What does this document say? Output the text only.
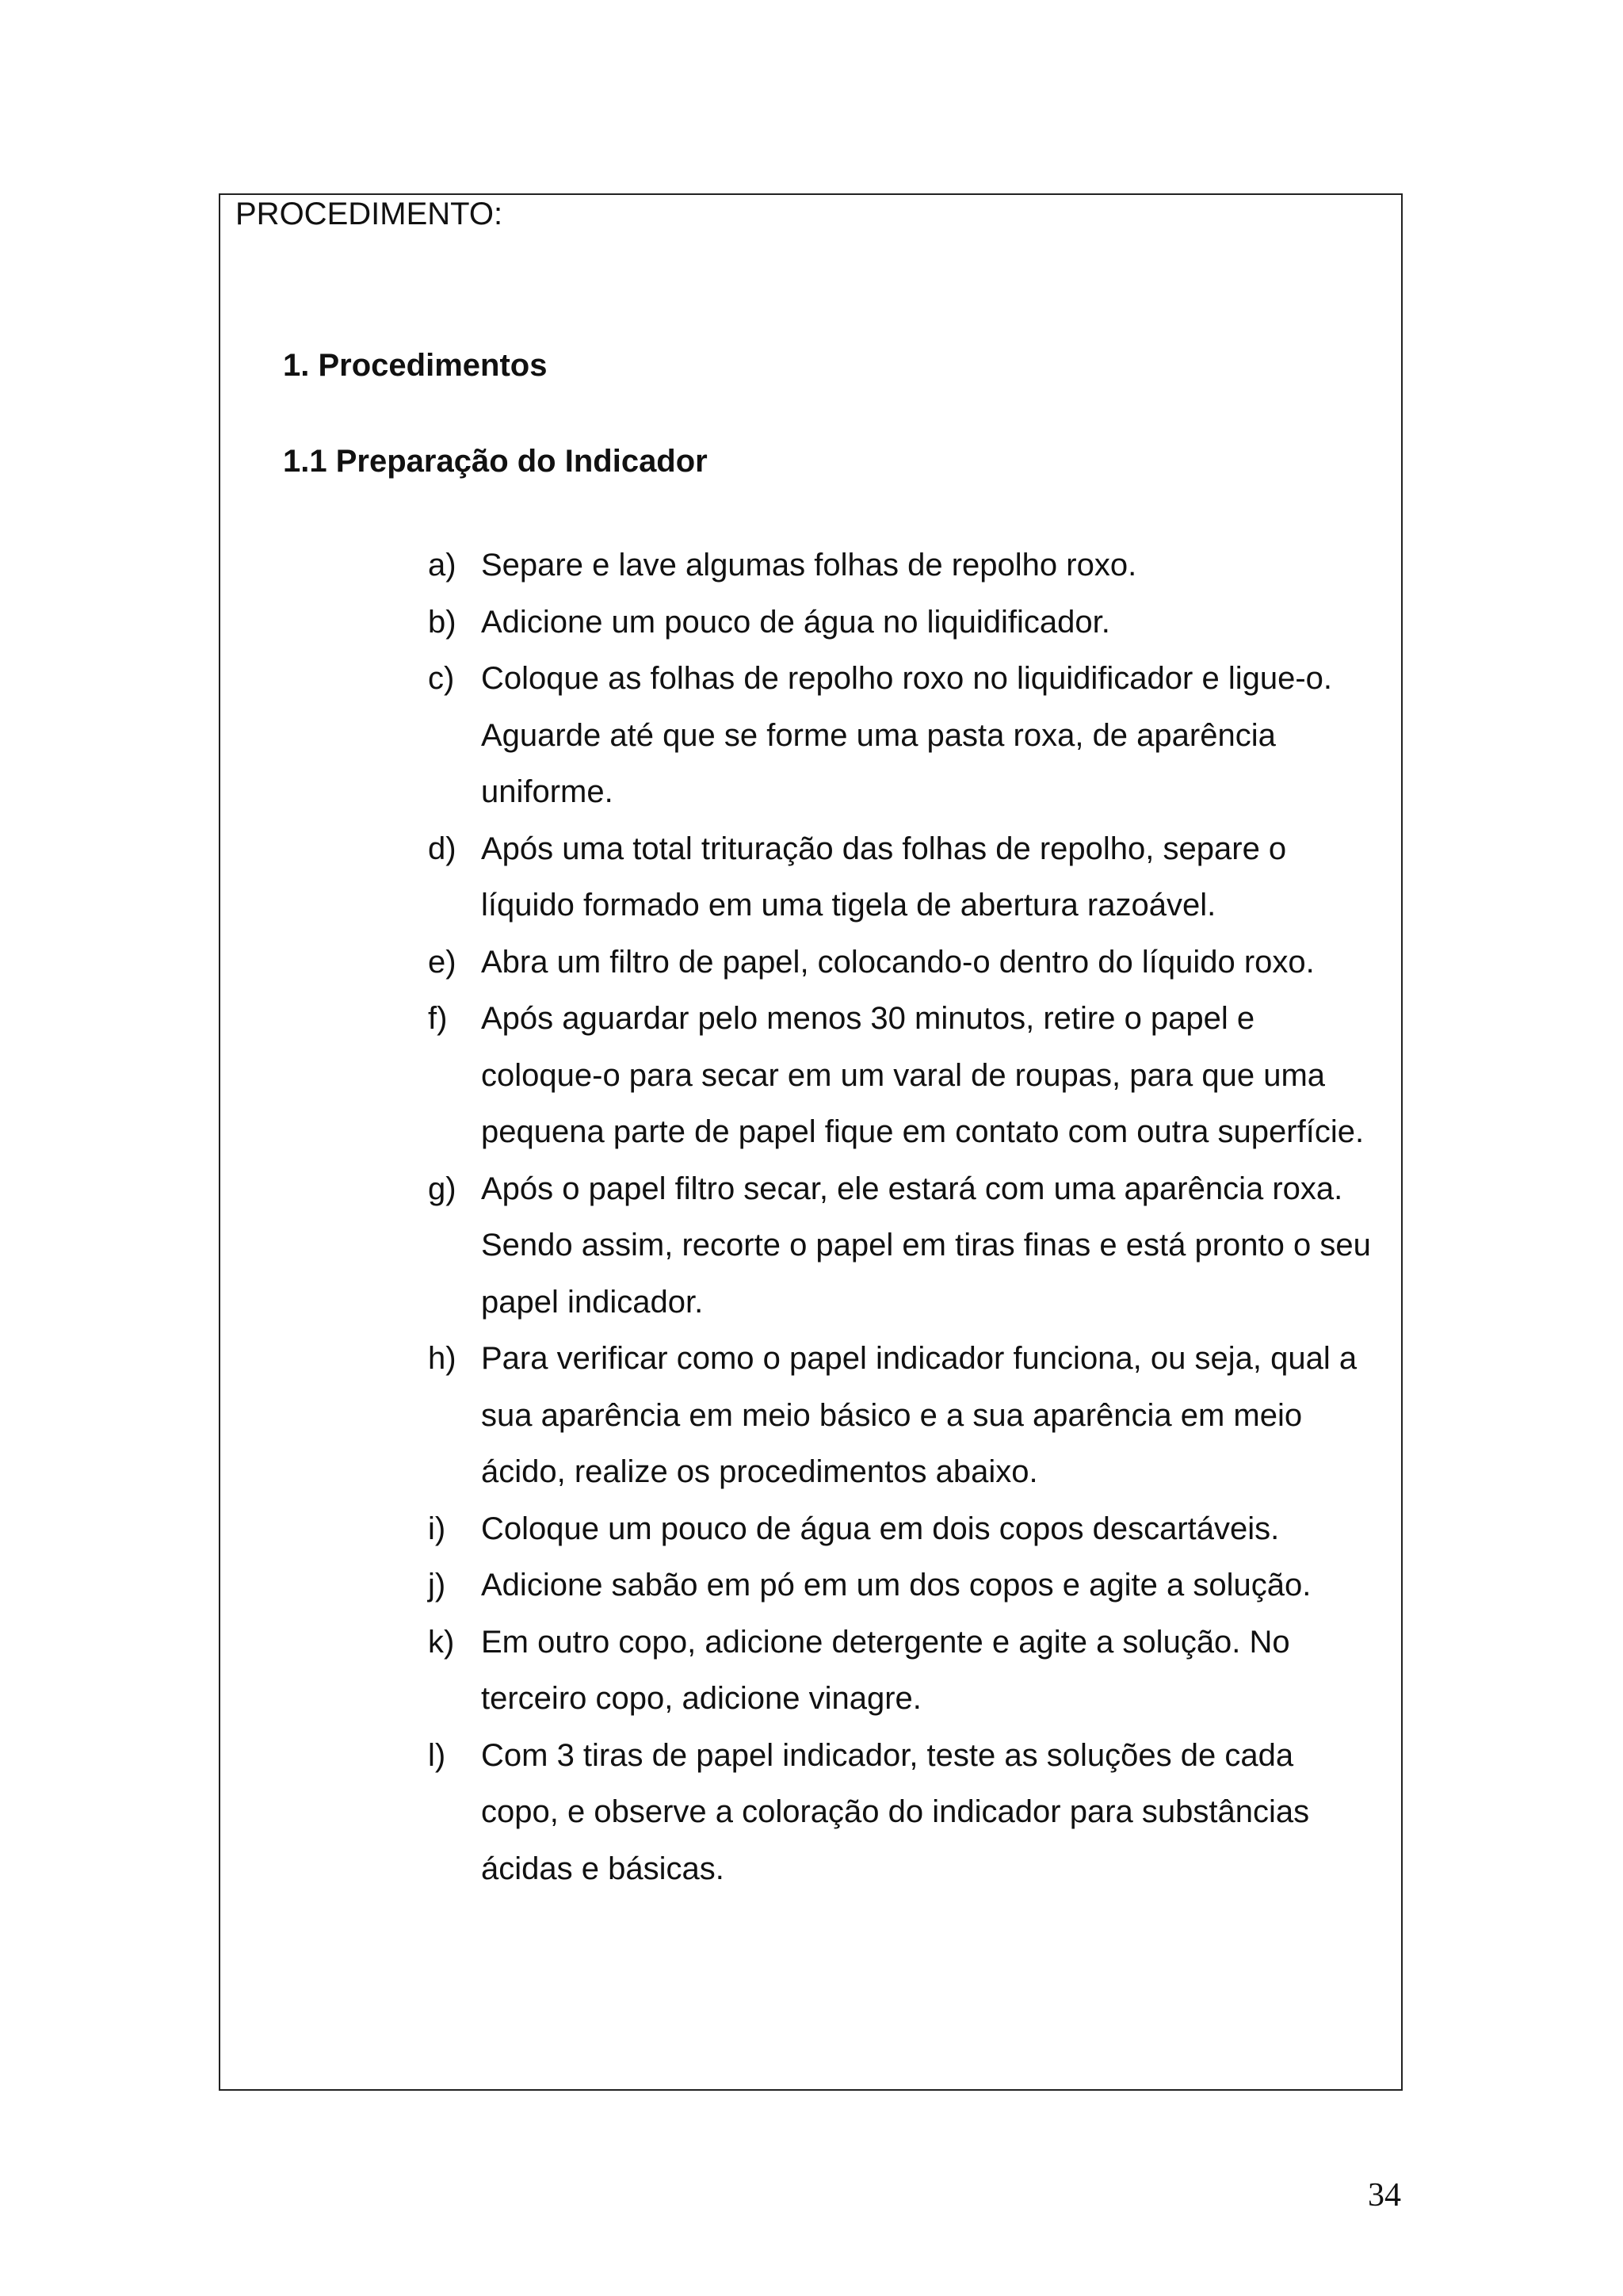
PROCEDIMENTO:
1. Procedimentos
1.1 Preparação do Indicador
a) Separe e lave algumas folhas de repolho roxo.
b) Adicione um pouco de água no liquidificador.
c) Coloque as folhas de repolho roxo no liquidificador e ligue-o. Aguarde até que se forme uma pasta roxa, de aparência uniforme.
d) Após uma total trituração das folhas de repolho, separe o líquido formado em uma tigela de abertura razoável.
e) Abra um filtro de papel, colocando-o dentro do líquido roxo.
f)	Após aguardar pelo menos 30 minutos, retire o papel e coloque-o para secar em um varal de roupas, para que uma pequena parte de papel fique em contato com outra superfície.
g) Após o papel filtro secar, ele estará com uma aparência roxa. Sendo assim, recorte o papel em tiras finas e está pronto o seu papel indicador.
h) Para verificar como o papel indicador funciona, ou seja, qual a sua aparência em meio básico e a sua aparência em meio ácido, realize os procedimentos abaixo.
i)	Coloque um pouco de água em dois copos descartáveis.
j)	Adicione sabão em pó em um dos copos e agite a solução.
k) Em outro copo, adicione detergente e agite a solução. No terceiro copo, adicione vinagre.
l)	Com 3 tiras de papel indicador, teste as soluções de cada copo, e observe a coloração do indicador para substâncias ácidas e básicas.
34
